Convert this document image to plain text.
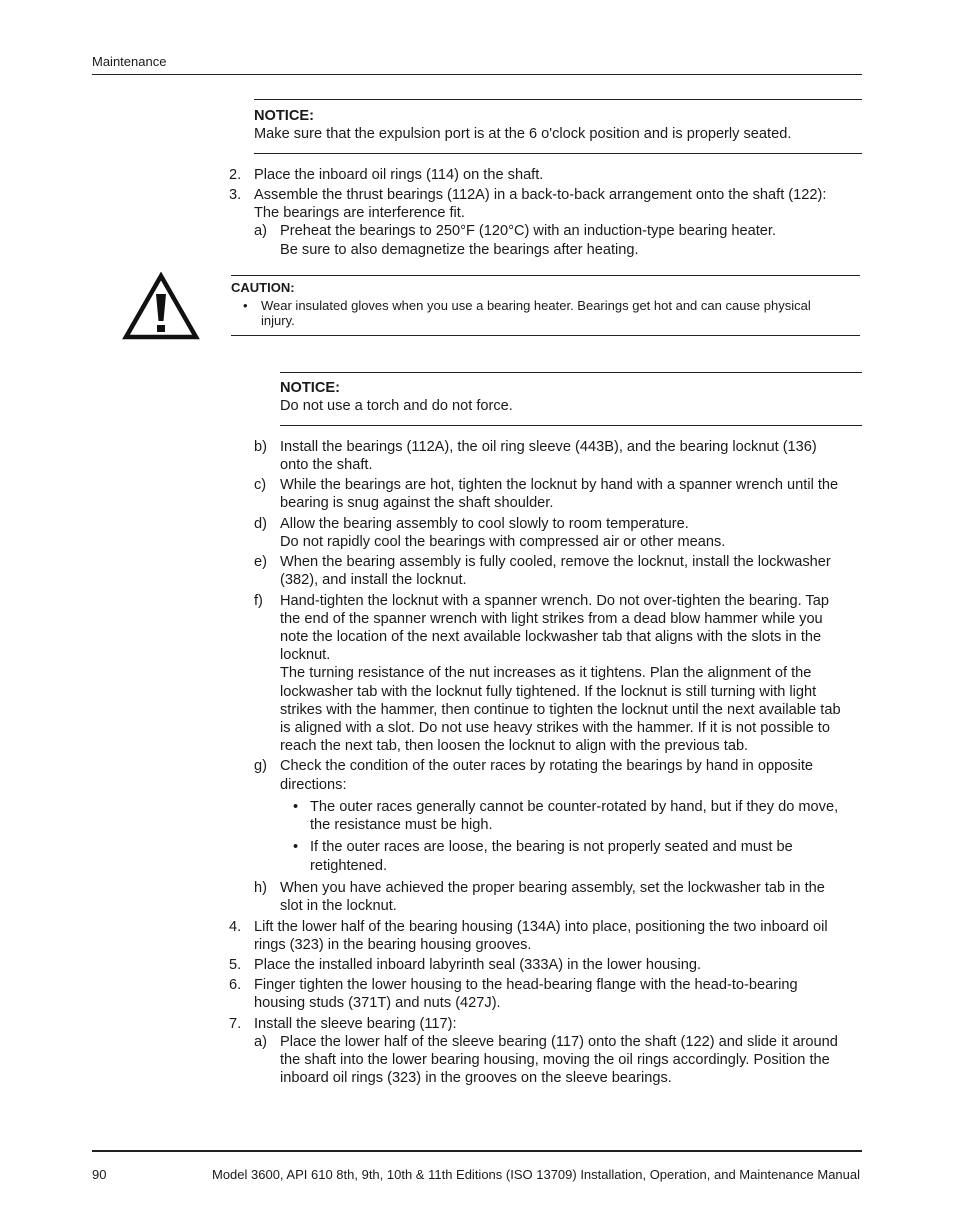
Maintenance
NOTICE:
Make sure that the expulsion port is at the 6 o'clock position and is properly seated.
2. Place the inboard oil rings (114) on the shaft.
3. Assemble the thrust bearings (112A) in a back-to-back arrangement onto the shaft (122):
The bearings are interference fit.
a) Preheat the bearings to 250°F (120°C) with an induction-type bearing heater.
Be sure to also demagnetize the bearings after heating.
CAUTION:
• Wear insulated gloves when you use a bearing heater. Bearings get hot and can cause physical
injury.
NOTICE:
Do not use a torch and do not force.
b) Install the bearings (112A), the oil ring sleeve (443B), and the bearing locknut (136)
onto the shaft.
c) While the bearings are hot, tighten the locknut by hand with a spanner wrench until the
bearing is snug against the shaft shoulder.
d) Allow the bearing assembly to cool slowly to room temperature.
Do not rapidly cool the bearings with compressed air or other means.
e) When the bearing assembly is fully cooled, remove the locknut, install the lockwasher
(382), and install the locknut.
f) Hand-tighten the locknut with a spanner wrench. Do not over-tighten the bearing. Tap
the end of the spanner wrench with light strikes from a dead blow hammer while you
note the location of the next available lockwasher tab that aligns with the slots in the
locknut.
The turning resistance of the nut increases as it tightens. Plan the alignment of the
lockwasher tab with the locknut fully tightened. If the locknut is still turning with light
strikes with the hammer, then continue to tighten the locknut until the next available tab
is aligned with a slot. Do not use heavy strikes with the hammer. If it is not possible to
reach the next tab, then loosen the locknut to align with the previous tab.
g) Check the condition of the outer races by rotating the bearings by hand in opposite
directions:
• The outer races generally cannot be counter-rotated by hand, but if they do move,
the resistance must be high.
• If the outer races are loose, the bearing is not properly seated and must be
retightened.
h) When you have achieved the proper bearing assembly, set the lockwasher tab in the
slot in the locknut.
4. Lift the lower half of the bearing housing (134A) into place, positioning the two inboard oil
rings (323) in the bearing housing grooves.
5. Place the installed inboard labyrinth seal (333A) in the lower housing.
6. Finger tighten the lower housing to the head-bearing flange with the head-to-bearing
housing studs (371T) and nuts (427J).
7. Install the sleeve bearing (117):
a) Place the lower half of the sleeve bearing (117) onto the shaft (122) and slide it around
the shaft into the lower bearing housing, moving the oil rings accordingly. Position the
inboard oil rings (323) in the grooves on the sleeve bearings.
90	Model 3600, API 610 8th, 9th, 10th & 11th Editions (ISO 13709) Installation, Operation, and Maintenance Manual
